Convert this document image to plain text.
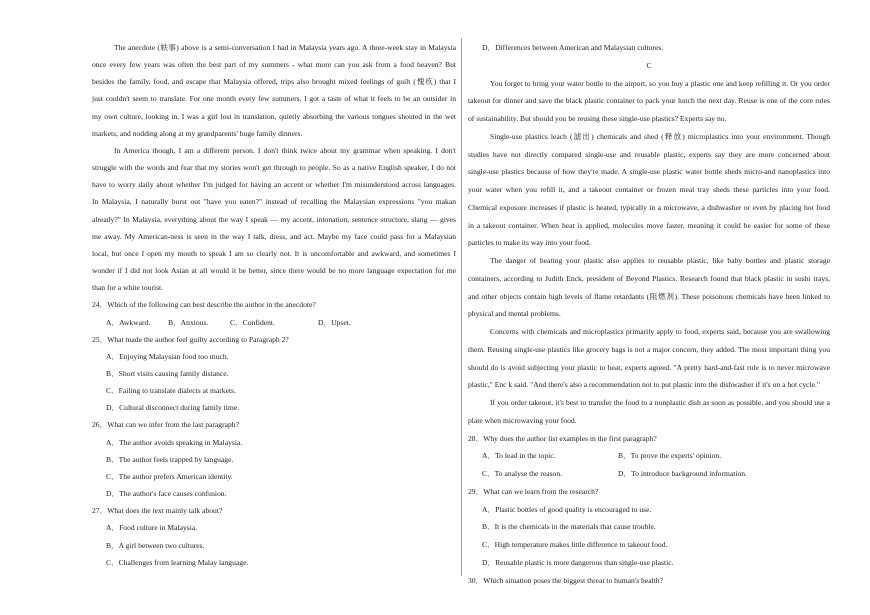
The anecdote (轶事) above is a semi-conversation I had in Malaysia years ago. A three-week stay in Malaysia
once every few years was often the best part of my summers - what more can you ask from a food heaven? But
besides the family, food, and escape that Malaysia offered, trips also brought mixed feelings of guilt (愧疚) that I
just couldn't seem to translate. For one month every few summers, I got a taste of what it feels to be an outsider in
my own culture, looking in. I was a girl lost in translation, quietly absorbing the various tongues shouted in the wet
markets, and nodding along at my grandparents' huge family dinners.
In America though, I am a different person. I don't think twice about my grammar when speaking. I don't
struggle with the words and fear that my stories won't get through to people. So as a native English speaker, I do not
have to worry daily about whether I'm judged for having an accent or whether I'm misunderstood across languages.
In Malaysia, I naturally burst out "have you eaten?" instead of recalling the Malaysian expressions "you makan
already?" In Malaysia, everything about the way I speak — my accent, intonation, sentence structure, slang — gives
me away. My American-ness is seen in the way I talk, dress, and act. Maybe my face could pass for a Malaysian
local, but once I open my mouth to speak I am so clearly not. It is uncomfortable and awkward, and sometimes I
wonder if I did not look Asian at all would it be better, since there would be no more language expectation for me
than for a white tourist.
24．Which of the following can best describe the author in the anecdote?
A．Awkward. B．Anxious.	C．Confident.	D．Upset.
25．What made the author feel guilty according to Paragraph 2?
A．Enjoying Malaysian food too much.
B．Short visits causing family distance.
C．Failing to translate dialects at markets.
D．Cultural disconnect during family time.
26．What can we infer from the last paragraph?
A．The author avoids speaking in Malaysia.
B．The author feels trapped by language.
C．The author prefers American identity.
D．The author's face causes confusion.
27．What does the text mainly talk about?
A．Food culture in Malaysia.
B．A girl between two cultures.
C．Challenges from learning Malay language.
D．Differences between American and Malaysian cultures.
C
You forget to bring your water bottle to the airport, so you buy a plastic one and keep refilling it. Or you order
takeout for dinner and save the black plastic container to pack your lunch the next day. Reuse is one of the core rules
of sustainability. But should you be reusing these single-use plastics? Experts say no.
Single-use plastics leach (滤出) chemicals and shed (释放) microplastics into your environment. Though
studies have not directly compared single-use and reusable plastic, experts say they are more concerned about
single-use plastics because of how they're made. A single-use plastic water bottle sheds micro-and nanoplastics into
your water when you refill it, and a takeout container or frozen meal tray sheds these particles into your food.
Chemical exposure increases if plastic is heated, typically in a microwave, a dishwasher or even by placing hot food
in a takeout container. When heat is applied, molecules move faster, meaning it could be easier for some of these
particles to make its way into your food.
The danger of heating your plastic also applies to reusable plastic, like baby bottles and plastic storage
containers, according to Judith Enck, president of Beyond Plastics. Research found that black plastic in sushi trays,
and other objects contain high levels of flame retardants (阻燃剂). These poisonous chemicals have been linked to
physical and mental problems.
Concerns with chemicals and microplastics primarily apply to food, experts said, because you are swallowing
them. Reusing single-use plastics like grocery bags is not a major concern, they added. The most important thing you
should do is avoid subjecting your plastic to heat, experts agreed. "A pretty hard-and-fast rule is to never microwave
plastic," Enc k said. "And there's also a recommendation not to put plastic into the dishwasher if it's on a hot cycle."
If you order takeout, it's best to transfer the food to a nonplastic dish as soon as possible, and you should use a
plate when microwaving your food.
28．Why does the author list examples in the first paragraph?
A．To lead in the topic.	B．To prove the experts' opinion.
C．To analyse the reason.	D．To introduce background information.
29．What can we learn from the research?
A．Plastic bottles of good quality is encouraged to use.
B．It is the chemicals in the materials that cause trouble.
C．High temperature makes little difference to takeout food.
D．Reusable plastic is more dangerous than single-use plastic.
30．Which situation poses the biggest threat to human's health?
